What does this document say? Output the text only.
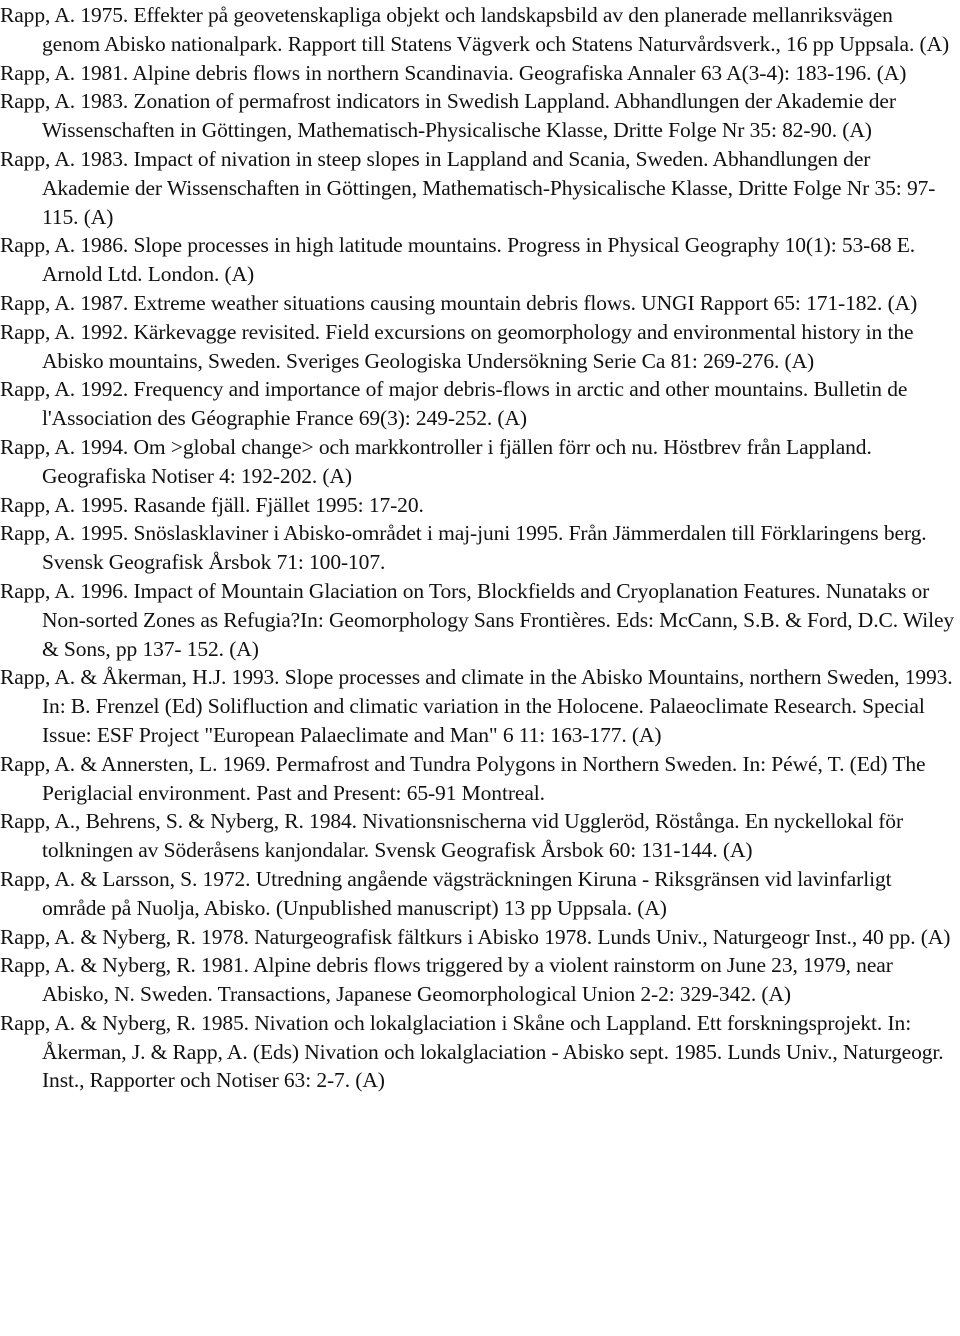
Rapp, A. 1975. Effekter på geovetenskapliga objekt och landskapsbild av den planerade mellanriksvägen genom Abisko nationalpark. Rapport till Statens Vägverk och Statens Naturvårdsverk., 16 pp Uppsala. (A)
Rapp, A. 1981. Alpine debris flows in northern Scandinavia. Geografiska Annaler 63 A(3-4): 183-196. (A)
Rapp, A. 1983. Zonation of permafrost indicators in Swedish Lappland. Abhandlungen der Akademie der Wissenschaften in Göttingen, Mathematisch-Physicalische Klasse, Dritte Folge Nr 35: 82-90. (A)
Rapp, A. 1983. Impact of nivation in steep slopes in Lappland and Scania, Sweden. Abhandlungen der Akademie der Wissenschaften in Göttingen, Mathematisch-Physicalische Klasse, Dritte Folge Nr 35: 97-115. (A)
Rapp, A. 1986. Slope processes in high latitude mountains. Progress in Physical Geography 10(1): 53-68 E. Arnold Ltd. London. (A)
Rapp, A. 1987. Extreme weather situations causing mountain debris flows. UNGI Rapport 65: 171-182. (A)
Rapp, A. 1992. Kärkevagge revisited. Field excursions on geomorphology and environmental history in the Abisko mountains, Sweden. Sveriges Geologiska Undersökning Serie Ca 81: 269-276. (A)
Rapp, A. 1992. Frequency and importance of major debris-flows in arctic and other mountains. Bulletin de l'Association des Géographie France 69(3): 249-252. (A)
Rapp, A. 1994. Om >global change> och markkontroller i fjällen förr och nu. Höstbrev från Lappland. Geografiska Notiser 4: 192-202. (A)
Rapp, A. 1995. Rasande fjäll. Fjället 1995: 17-20.
Rapp, A. 1995. Snöslasklaviner i Abisko-området i maj-juni 1995. Från Jämmerdalen till Förklaringens berg. Svensk Geografisk Årsbok 71: 100-107.
Rapp, A. 1996. Impact of Mountain Glaciation on Tors, Blockfields and Cryoplanation Features. Nunataks or Non-sorted Zones as Refugia?In: Geomorphology Sans Frontières. Eds: McCann, S.B. & Ford, D.C. Wiley & Sons, pp 137- 152. (A)
Rapp, A. & Åkerman, H.J. 1993. Slope processes and climate in the Abisko Mountains, northern Sweden, 1993. In: B. Frenzel (Ed) Solifluction and climatic variation in the Holocene. Palaeoclimate Research. Special Issue: ESF Project "European Palaeclimate and Man" 6 11: 163-177. (A)
Rapp, A. & Annersten, L. 1969. Permafrost and Tundra Polygons in Northern Sweden. In: Péwé, T. (Ed) The Periglacial environment. Past and Present: 65-91 Montreal.
Rapp, A., Behrens, S. & Nyberg, R. 1984. Nivationsnischerna vid Uggleröd, Röstånga. En nyckellokal för tolkningen av Söderåsens kanjondalar. Svensk Geografisk Årsbok 60: 131-144. (A)
Rapp, A. & Larsson, S. 1972. Utredning angående vägsträckningen Kiruna - Riksgränsen vid lavinfarligt område på Nuolja, Abisko. (Unpublished manuscript) 13 pp Uppsala. (A)
Rapp, A. & Nyberg, R. 1978. Naturgeografisk fältkurs i Abisko 1978. Lunds Univ., Naturgeogr Inst., 40 pp. (A)
Rapp, A. & Nyberg, R. 1981. Alpine debris flows triggered by a violent rainstorm on June 23, 1979, near Abisko, N. Sweden. Transactions, Japanese Geomorphological Union 2-2: 329-342. (A)
Rapp, A. & Nyberg, R. 1985. Nivation och lokalglaciation i Skåne och Lappland. Ett forskningsprojekt. In: Åkerman, J. & Rapp, A. (Eds) Nivation och lokalglaciation - Abisko sept. 1985. Lunds Univ., Naturgeogr. Inst., Rapporter och Notiser 63: 2-7. (A)
